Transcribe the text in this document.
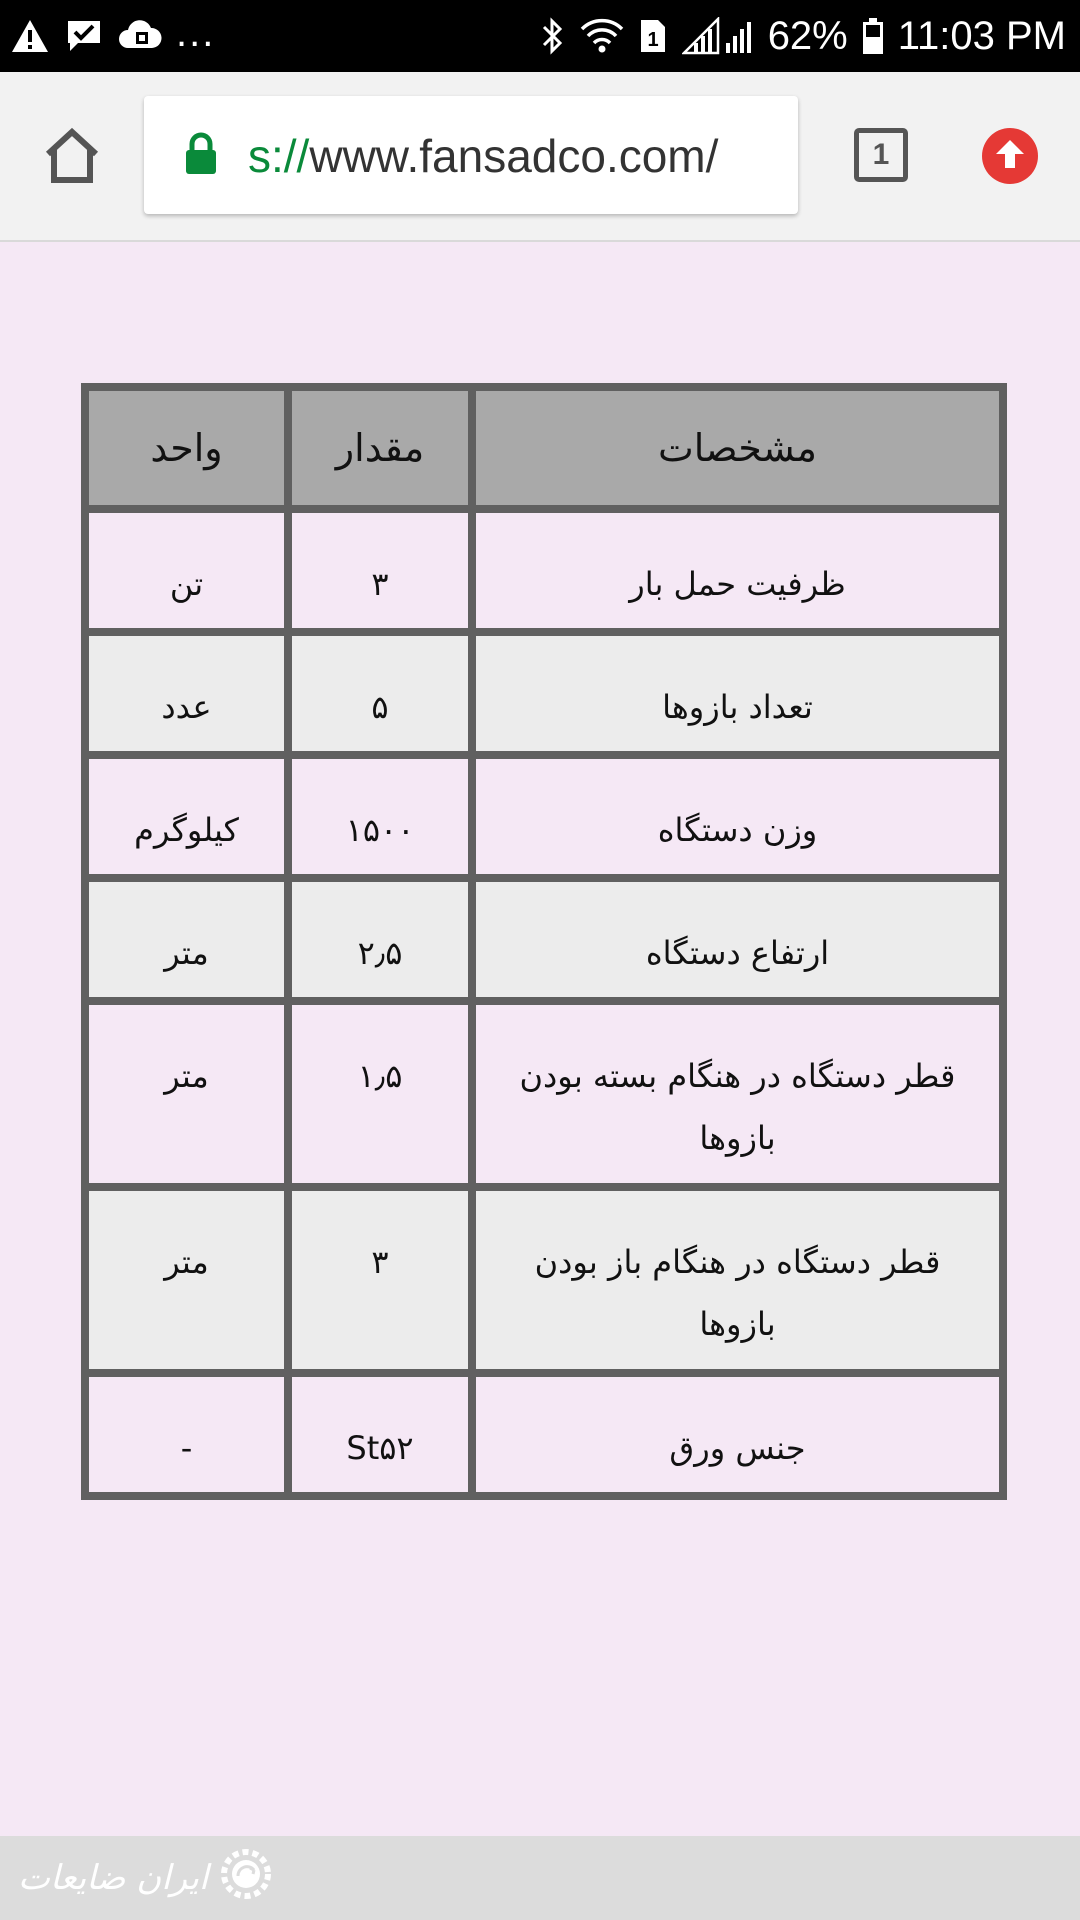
...	1	62% 11:03 PM
s://www.fansadco.com/	1
مشخصات	مقدار	واحد
ظرفیت حمل بار	۳	تن
تعداد بازوها	۵	عدد
وزن دستگاه	۱۵۰۰	کیلوگرم
ارتفاع دستگاه	۲٫۵	متر
قطر دستگاه در هنگام بسته بودن بازوها	۱٫۵	متر
قطر دستگاه در هنگام باز بودن بازوها	۳	متر
جنس ورق	St۵۲	-
ایران ضایعات
